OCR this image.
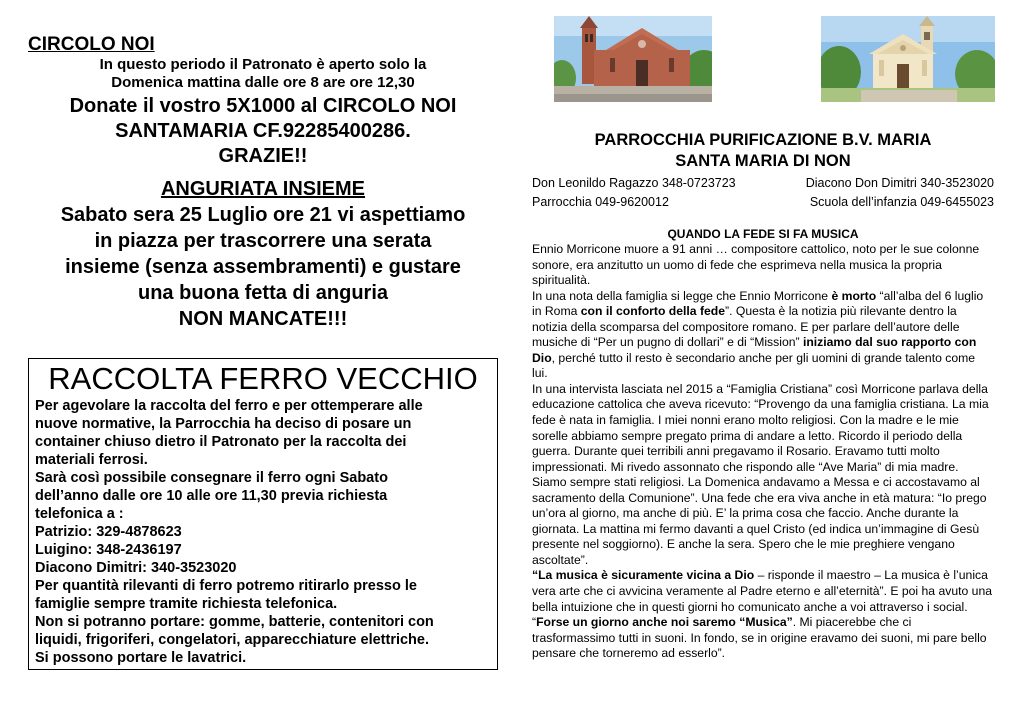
CIRCOLO NOI
In questo periodo il Patronato è aperto solo la
Domenica mattina dalle ore 8 are ore 12,30
Donate il vostro 5X1000 al CIRCOLO NOI
SANTAMARIA CF.92285400286.
GRAZIE!!
ANGURIATA INSIEME
Sabato sera 25 Luglio ore 21 vi aspettiamo
in piazza per trascorrere una serata
insieme (senza assembramenti) e gustare
una buona fetta di anguria
NON MANCATE!!!
RACCOLTA FERRO VECCHIO
Per agevolare la raccolta del ferro e per ottemperare alle
nuove normative, la Parrocchia ha deciso di posare un
container chiuso dietro il Patronato per la raccolta dei
materiali ferrosi.
Sarà così possibile consegnare il ferro ogni Sabato
dell’anno dalle ore 10 alle ore 11,30 previa richiesta
telefonica a :
Patrizio: 329-4878623
Luigino: 348-2436197
Diacono Dimitri: 340-3523020
Per quantità rilevanti di ferro potremo ritirarlo presso le
famiglie sempre tramite richiesta telefonica.
Non si potranno portare: gomme, batterie, contenitori con
liquidi, frigoriferi, congelatori, apparecchiature elettriche.
Si possono portare le lavatrici.
PARROCCHIA PURIFICAZIONE B.V. MARIA
SANTA MARIA DI NON
Don Leonildo Ragazzo 348-0723723	Diacono Don Dimitri 340-3523020
Parrocchia 049-9620012	Scuola dell’infanzia 049-6455023
QUANDO LA FEDE SI FA MUSICA

Ennio Morricone muore a 91 anni … compositore cattolico, noto per le sue colonne sonore, era anzitutto un uomo di fede che esprimeva nella musica la propria spiritualità.

In una nota della famiglia si legge che Ennio Morricone è morto “all’alba del 6 luglio in Roma con il conforto della fede”. Questa è la notizia più rilevante dentro la notizia della scomparsa del compositore romano. E per parlare dell’autore delle musiche di “Per un pugno di dollari” e di “Mission” iniziamo dal suo rapporto con Dio, perché tutto il resto è secondario anche per gli uomini di grande talento come lui.

In una intervista lasciata nel 2015 a “Famiglia Cristiana” così Morricone parlava della educazione cattolica che aveva ricevuto: “Provengo da una famiglia cristiana. La mia fede è nata in famiglia. I miei nonni erano molto religiosi. Con la madre e le mie sorelle abbiamo sempre pregato prima di andare a letto. Ricordo il periodo della guerra. Durante quei terribili anni pregavamo il Rosario. Eravamo tutti molto impressionati. Mi rivedo assonnato che rispondo alle “Ave Maria” di mia madre. Siamo sempre stati religiosi. La Domenica andavamo a Messa e ci accostavamo al sacramento della Comunione”. Una fede che era viva anche in età matura: “Io prego un’ora al giorno, ma anche di più. E’ la prima cosa che faccio. Anche durante la giornata. La mattina mi fermo davanti a quel Cristo (ed indica un’immagine di Gesù presente nel soggiorno). E anche la sera. Spero che le mie preghiere vengano ascoltate”.

“La musica è sicuramente vicina a Dio – risponde il maestro – La musica è l’unica vera arte che ci avvicina veramente al Padre eterno e all’eternità”. E poi ha avuto una bella intuizione che in questi giorni ho comunicato anche a voi attraverso i social. “Forse un giorno anche noi saremo “Musica”. Mi piacerebbe che ci trasformassimo tutti in suoni. In fondo, se in origine eravamo dei suoni, mi pare bello pensare che torneremo ad esserlo”.
